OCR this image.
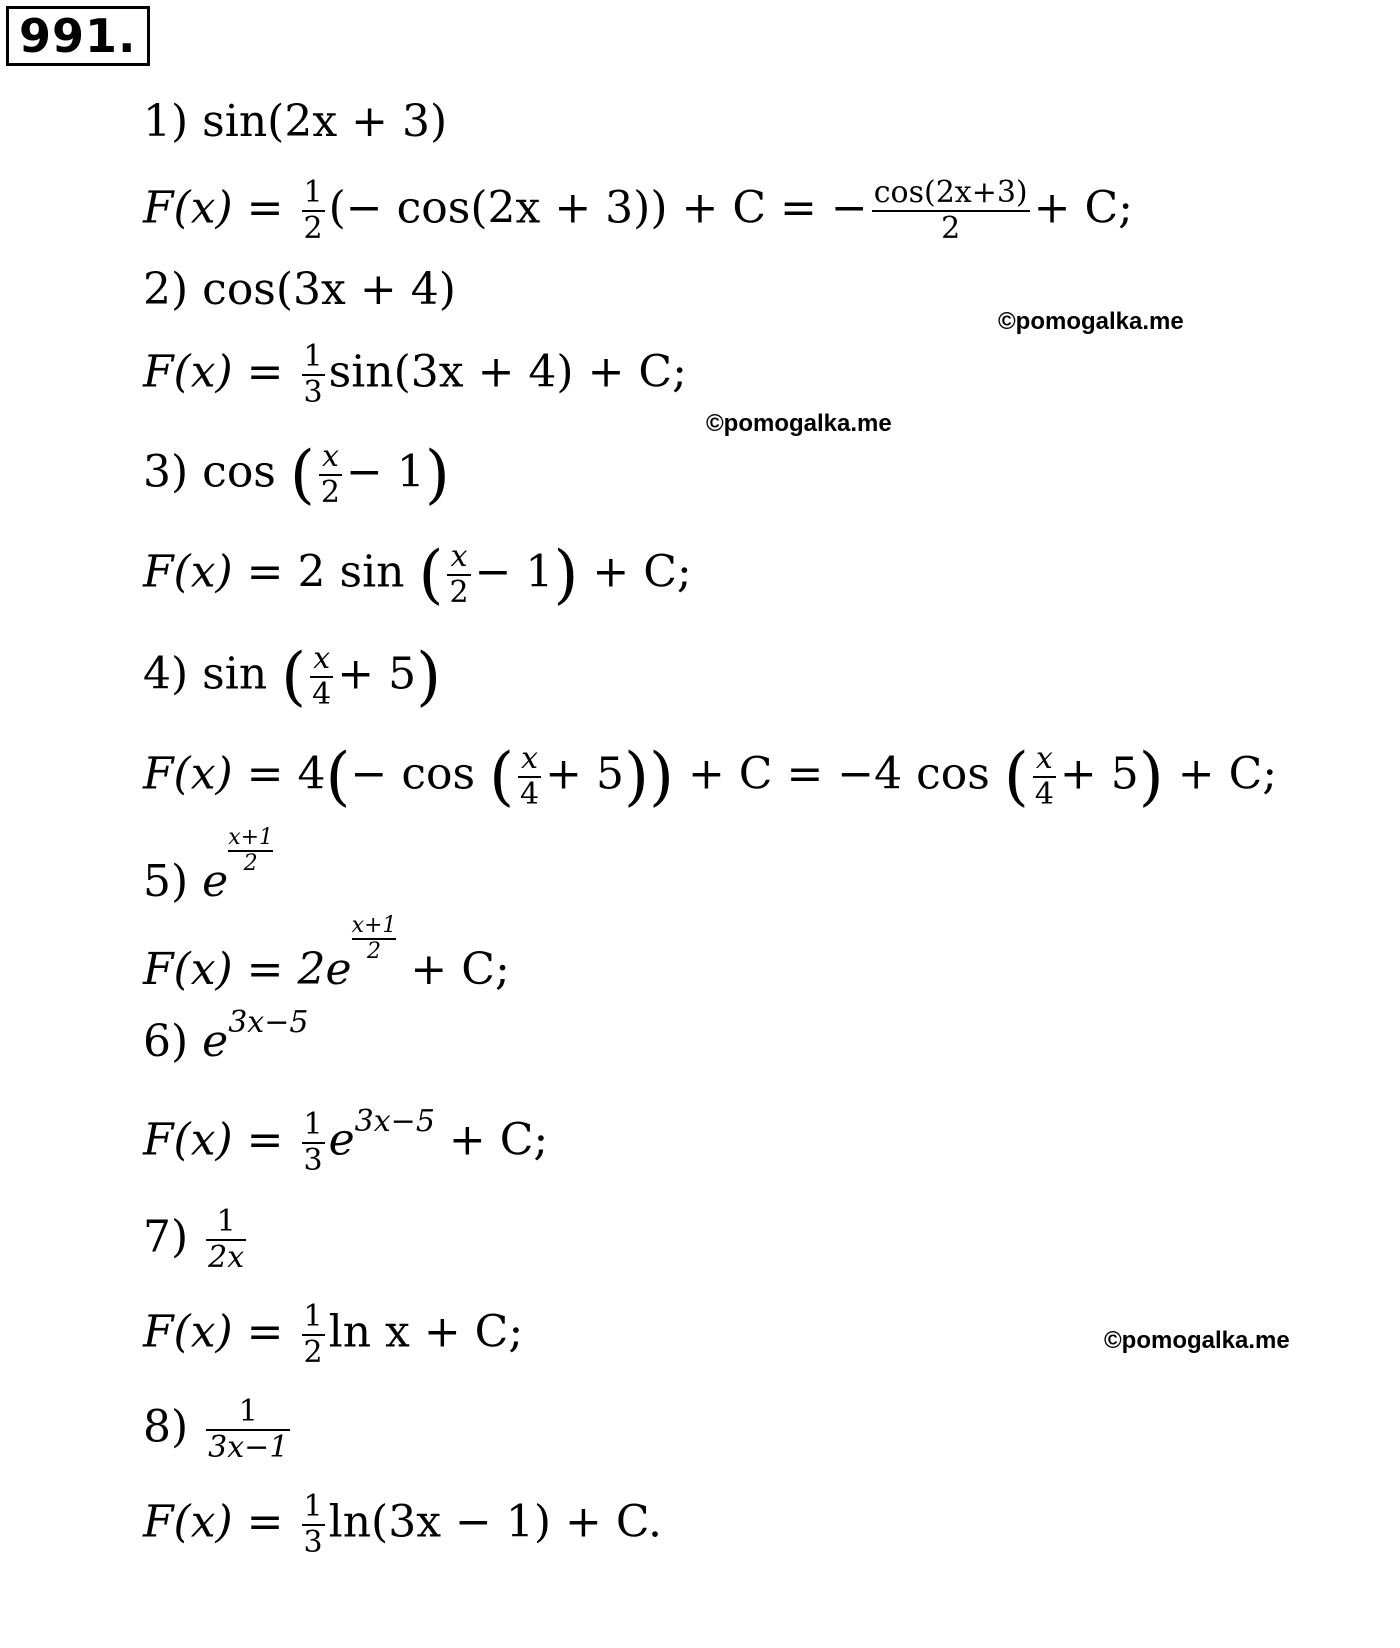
991.
©pomogalka.me
©pomogalka.me
©pomogalka.me
1) sin(2x + 3)
$F(x) = \frac{1}{2}$ (− cos(2x + 3)) + C = − $\frac{\cos(2x+3)}{2} + C$;
2) cos(3x + 4)
$F(x) = \frac{1}{3} \sin(3x + 4) + C$;
3) cos ( $\frac{x}{2} - 1$)
F(x) = 2 sin ( $\frac{x}{2} - 1) + C$;
4) sin ( $\frac{x}{4} + 5$)
F(x) = 4(− cos ( $\frac{x}{4} + 5)) + C = -4$ cos ( $\frac{x}{4} + 5) + C$;
5) e
$\frac{x+1}{2}$
F(x) = 2e
$\frac{x+1}{2}$
+ C;
6) $e^{3x-5}$
$F(x) = \frac{1}{3} e^{3x-5} + C$;
$7) \frac{1}{2x}$
$F(x) = \frac{1}{2}$ ln x + C;
$8) \frac{1}{3x-1}$
$F(x) = \frac{1}{3} \ln(3x - 1) + C$.
